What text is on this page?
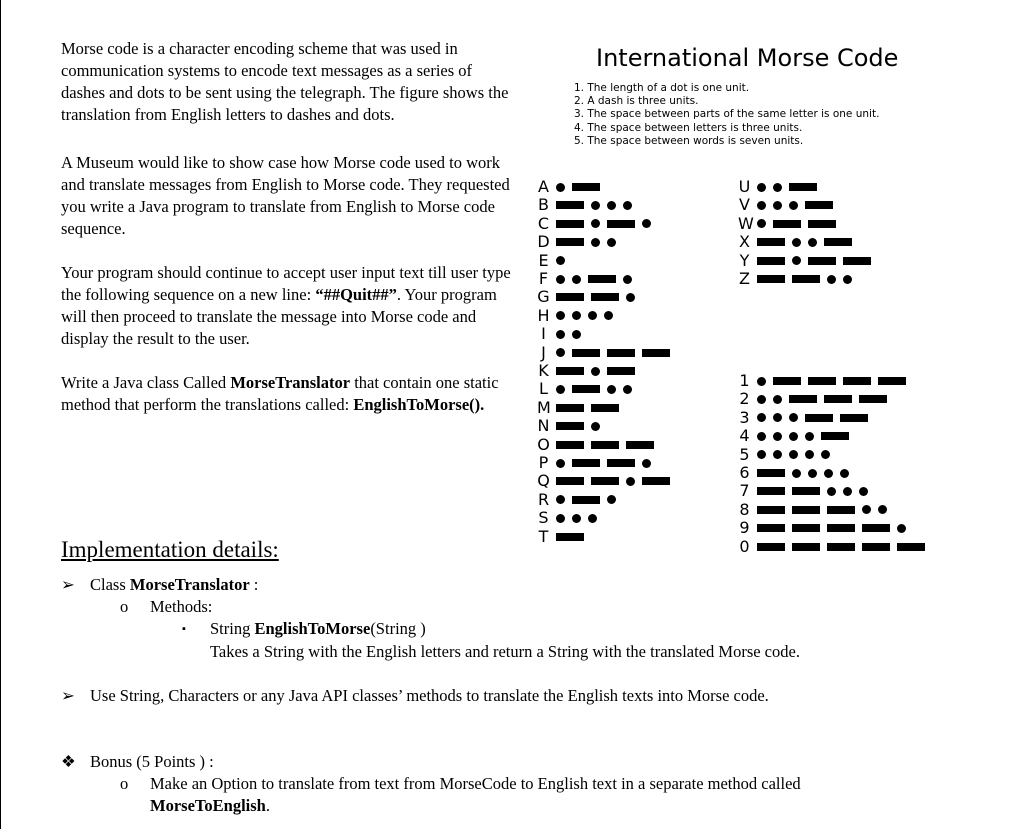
Morse code is a character encoding scheme that was used in communication systems to encode text messages as a series of dashes and dots to be sent using the telegraph. The figure shows the translation from English letters to dashes and dots.
A Museum would like to show case how Morse code used to work and translate messages from English to Morse code. They requested you write a Java program to translate from English to Morse code sequence.
Your program should continue to accept user input text till user type the following sequence on a new line: “##Quit##”. Your program will then proceed to translate the message into Morse code and display the result to the user.
Write a Java class Called MorseTranslator that contain one static method that perform the translations called: EnglishToMorse().
International Morse Code
1. The length of a dot is one unit.
2. A dash is three units.
3. The space between parts of the same letter is one unit.
4. The space between letters is three units.
5. The space between words is seven units.
A
B
C
D
E
F
G
H
I
J
K
L
M
N
O
P
Q
R
S
T
U
V
W
X
Y
Z
1
2
3
4
5
6
7
8
9
0
Implementation details:
➢ Class MorseTranslator :
o Methods:
▪ String EnglishToMorse(String )
Takes a String with the English letters and return a String with the translated Morse code.
➢ Use String, Characters or any Java API classes’ methods to translate the English texts into Morse code.
❖ Bonus (5 Points ) :
o Make an Option to translate from text from MorseCode to English text in a separate method called
MorseToEnglish.
